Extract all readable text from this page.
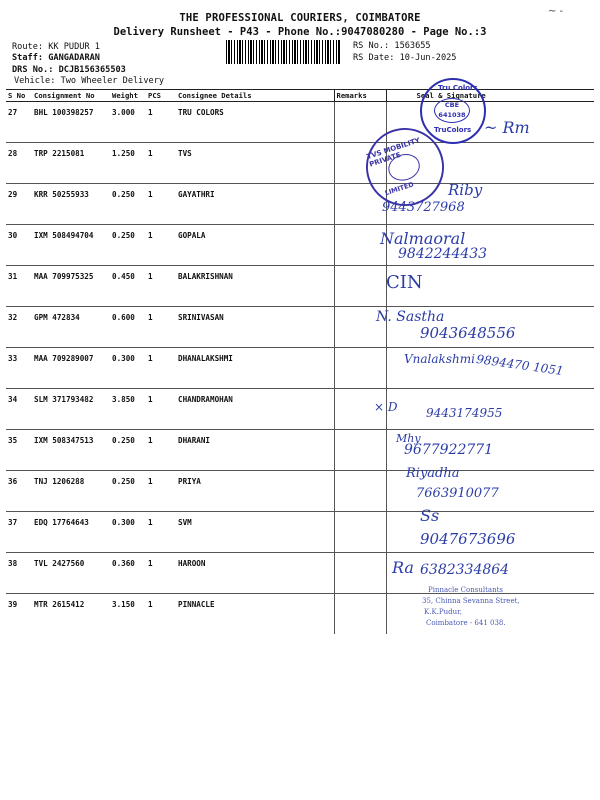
THE PROFESSIONAL COURIERS, COIMBATORE
Delivery Runsheet - P43 - Phone No.:9047080280 - Page No.:3
Route: KK PUDUR 1
Staff: GANGADARAN
DRS No.: DCJB156365503
Vehicle: Two Wheeler Delivery
RS No.: 1563655
RS Date: 10-Jun-2025
~ -
S No	Consignment No	Weight	PCS	Consignee Details	Remarks	Seal & Signature
27	BHL 100398257	3.000	1	TRU COLORS		
28	TRP 2215081	1.250	1	TVS		
29	KRR 50255933	0.250	1	GAYATHRI		
30	IXM 508494704	0.250	1	GOPALA		
31	MAA 709975325	0.450	1	BALAKRISHNAN		
32	GPM 472834	0.600	1	SRINIVASAN		
33	MAA 709289007	0.300	1	DHANALAKSHMI		
34	SLM 371793482	3.850	1	CHANDRAMOHAN		
35	IXM 508347513	0.250	1	DHARANI		
36	TNJ 1206288	0.250	1	PRIYA		
37	EDQ 17764643	0.300	1	SVM		
38	TVL 2427560	0.360	1	HAROON		
39	MTR 2615412	3.150	1	PINNACLE		
Tru Colors
CBE
641038
TruColors
TVS MOBILITY PRIVATE
LIMITED
~ Rm
Riby
9443727968
Nalmaoral
9842244433
CIN
N. Sastha
9043648556
Vnalakshmi 9894470 1051
× D 9443174955
Mhy
9677922771
Riyadha
7663910077
Ss
9047673696
Ra 6382334864
Pinnacle Consultants
35, Chinna Sevanna Street,
K.K.Pudur,
Coimbatore - 641 038.
